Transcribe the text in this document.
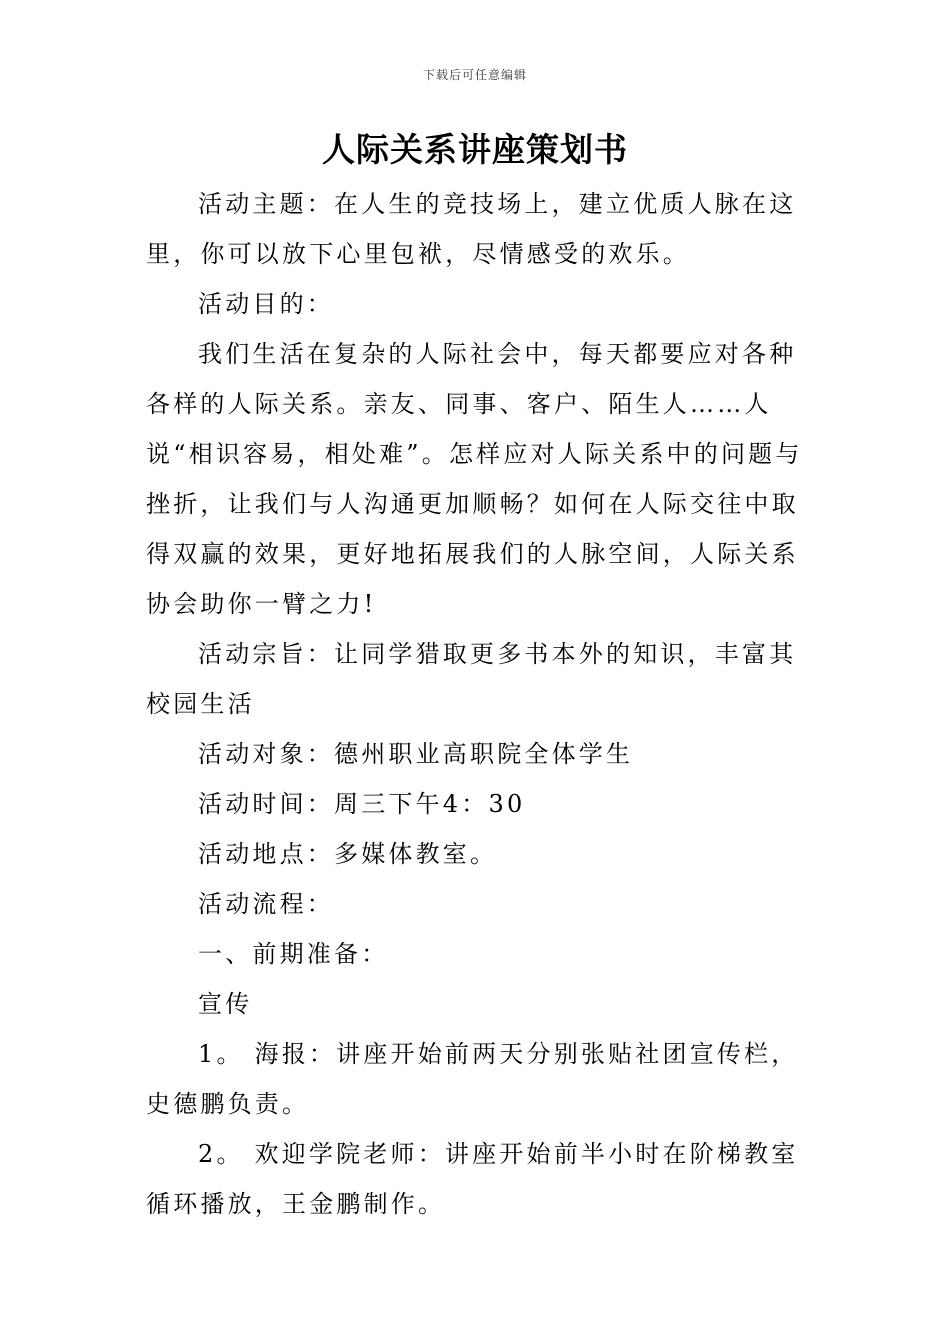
下载后可任意编辑
人际关系讲座策划书

活动主题：在人生的竞技场上，建立优质人脉在这里，你可以放下心里包袱，尽情感受的欢乐。

活动目的：

我们生活在复杂的人际社会中，每天都要应对各种各样的人际关系。亲友、同事、客户、陌生人……人说“相识容易，相处难”。怎样应对人际关系中的问题与挫折，让我们与人沟通更加顺畅？如何在人际交往中取得双赢的效果，更好地拓展我们的人脉空间，人际关系协会助你一臂之力!

活动宗旨：让同学猎取更多书本外的知识，丰富其校园生活

活动对象：德州职业高职院全体学生

活动时间：周三下午4：30

活动地点：多媒体教室。

活动流程：

一、前期准备：

宣传

1。 海报：讲座开始前两天分别张贴社团宣传栏，史德鹏负责。

2。 欢迎学院老师：讲座开始前半小时在阶梯教室循环播放，王金鹏制作。
